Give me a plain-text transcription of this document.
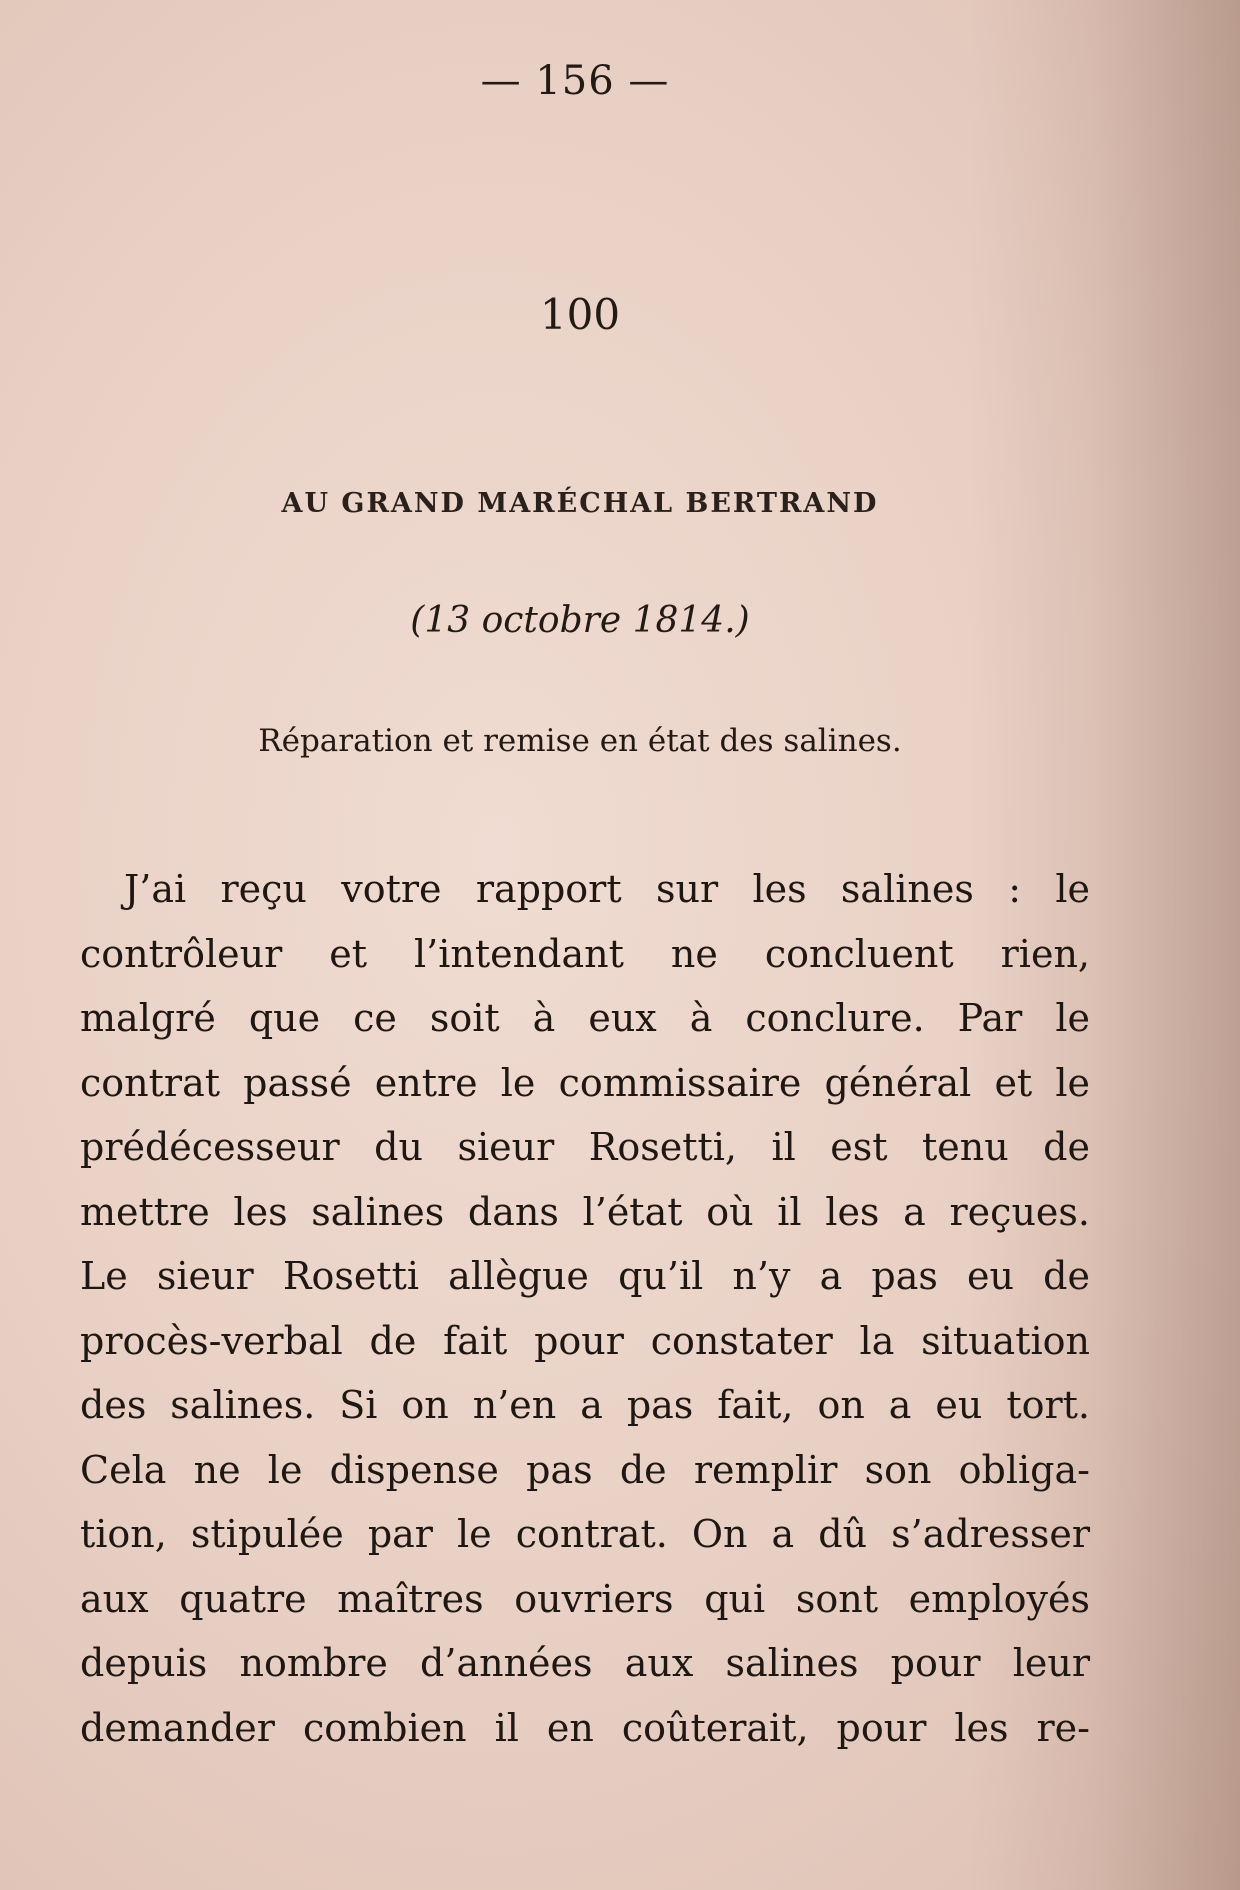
— 156 —
100
AU GRAND MARÉCHAL BERTRAND
(13 octobre 1814.)
Réparation et remise en état des salines.
J’ai reçu votre rapport sur les salines : le
contrôleur et l’intendant ne concluent rien,
malgré que ce soit à eux à conclure. Par le
contrat passé entre le commissaire général et le
prédécesseur du sieur Rosetti, il est tenu de
mettre les salines dans l’état où il les a reçues.
Le sieur Rosetti allègue qu’il n’y a pas eu de
procès-verbal de fait pour constater la situation
des salines. Si on n’en a pas fait, on a eu tort.
Cela ne le dispense pas de remplir son obliga-
tion, stipulée par le contrat. On a dû s’adresser
aux quatre maîtres ouvriers qui sont employés
depuis nombre d’années aux salines pour leur
demander combien il en coûterait, pour les re-
